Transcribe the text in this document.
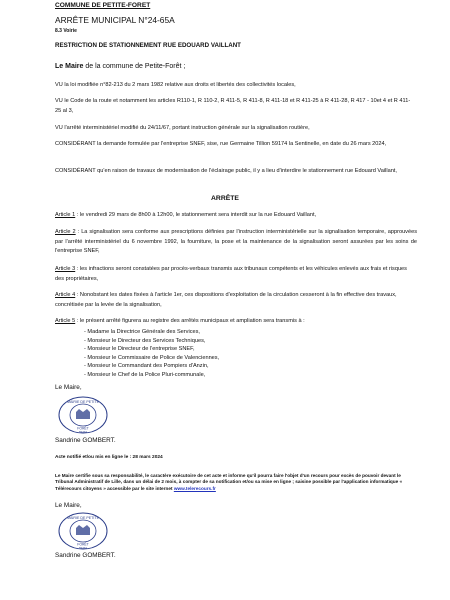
COMMUNE DE PETITE-FORET
ARRÊTE MUNICIPAL N°24-65A
8.3 Voirie
RESTRICTION DE STATIONNEMENT RUE EDOUARD VAILLANT
Le Maire de la commune de Petite-Forêt ;
VU la loi modifiée n°82-213 du 2 mars 1982 relative aux droits et libertés des collectivités locales,
VU le Code de la route et notamment les articles R110-1, R 110-2, R 411-5, R 411-8, R 411-18 et R 411-25 à R 411-28, R 417 - 10et 4 et R 411- 25 al 3,
VU l'arrêté interministériel modifié du 24/11/67, portant instruction générale sur la signalisation routière,
CONSIDÉRANT la demande formulée par l'entreprise SNEF, sise, rue Germaine Tillion 59174 la Sentinelle, en date du 26 mars 2024,
CONSIDÉRANT qu'en raison de travaux de modernisation de l'éclairage public, il y a lieu d'interdire le stationnement rue Edouard Vaillant,
ARRÊTE
Article 1 : le vendredi 29 mars de 8h00 à 12h00, le stationnement sera interdit sur la rue Edouard Vaillant,
Article 2 : La signalisation sera conforme aux prescriptions définies par l'instruction interministérielle sur la signalisation temporaire, approuvées par l'arrêté interministériel du 6 novembre 1992, la fourniture, la pose et la maintenance de la signalisation seront assurées par les soins de l'entreprise SNEF,
Article 3 : les infractions seront constatées par procès-verbaux transmis aux tribunaux compétents et les véhicules enlevés aux frais et risques des propriétaires,
Article 4 : Nonobstant les dates fixées à l'article 1er, ces dispositions d'exploitation de la circulation cesseront à la fin effective des travaux, concrétisée par la levée de la signalisation,
Article 5 : le présent arrêté figurera au registre des arrêtés municipaux et ampliation sera transmis à :
- Madame la Directrice Générale des Services,
- Monsieur le Directeur des Services Techniques,
- Monsieur le Directeur de l'entreprise SNEF,
- Monsieur le Commissaire de Police de Valenciennes,
- Monsieur le Commandant des Pompiers d'Anzin,
- Monsieur le Chef de la Police Pluri-communale,
Le Maire,
MAIRIE DE PETITE
FORÊT
59494
Sandrine GOMBERT.
Acte notifié et/ou mis en ligne le : 28 mars 2024
Le Maire certifie sous sa responsabilité, le caractère exécutoire de cet acte et informe qu'il pourra faire l'objet d'un recours pour excès de pouvoir devant le Tribunal Administratif de Lille, dans un délai de 2 mois, à compter de sa notification et/ou sa mise en ligne ; saisine possible par l'application informatique « Télérecours citoyens » accessible par le site internet www.telerecours.fr
Le Maire,
MAIRIE DE PETITE
FORÊT
59494
Sandrine GOMBERT.
